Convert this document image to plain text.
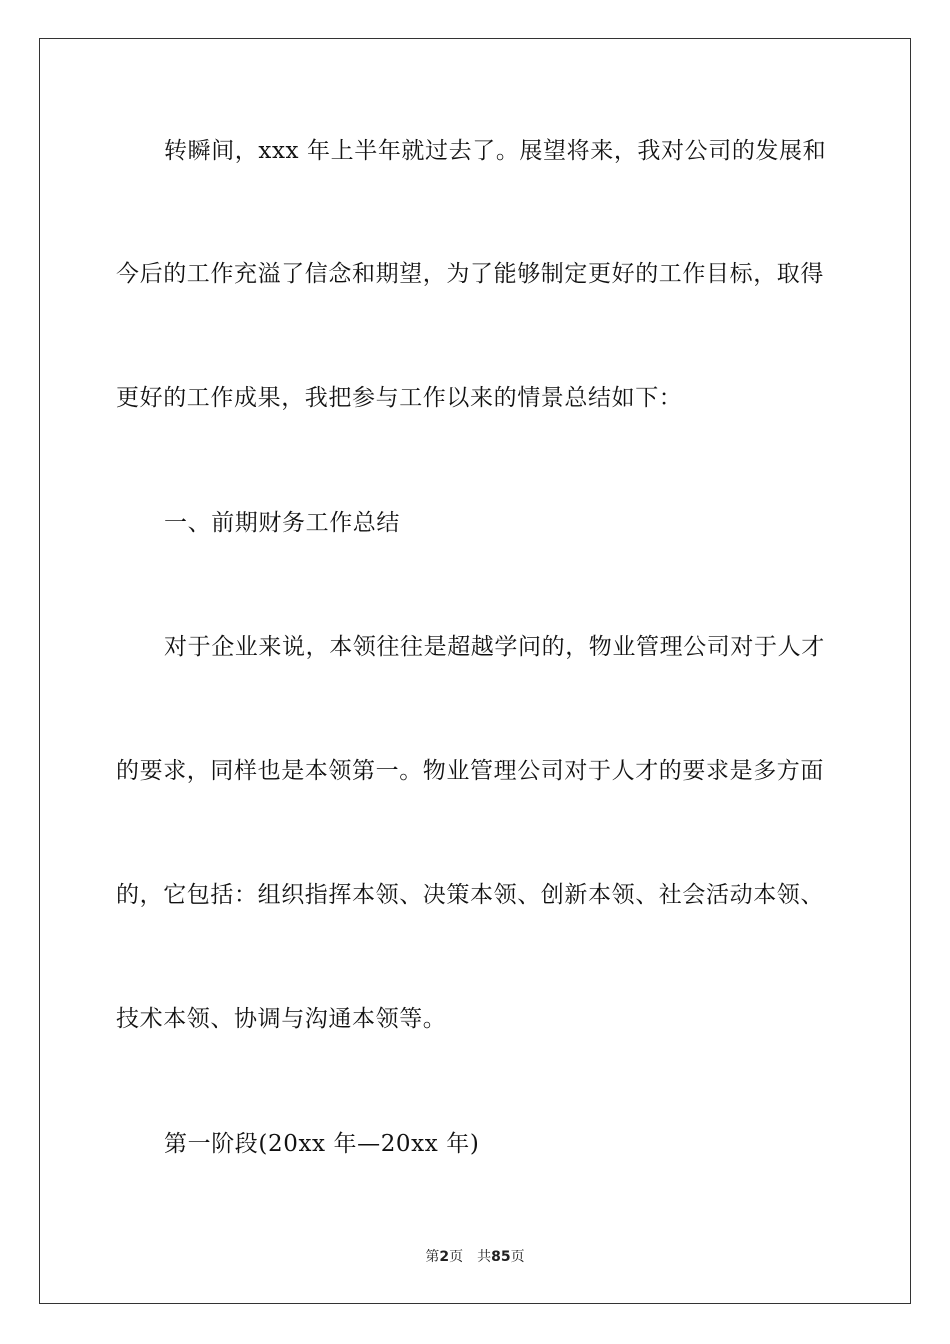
转瞬间，xxx 年上半年就过去了。展望将来，我对公司的发展和
今后的工作充溢了信念和期望，为了能够制定更好的工作目标，取得
更好的工作成果，我把参与工作以来的情景总结如下：
一、前期财务工作总结
对于企业来说，本领往往是超越学问的，物业管理公司对于人才
的要求，同样也是本领第一。物业管理公司对于人才的要求是多方面
的，它包括：组织指挥本领、决策本领、创新本领、社会活动本领、
技术本领、协调与沟通本领等。
第一阶段(20xx 年—20xx 年)
第2页 共85页
